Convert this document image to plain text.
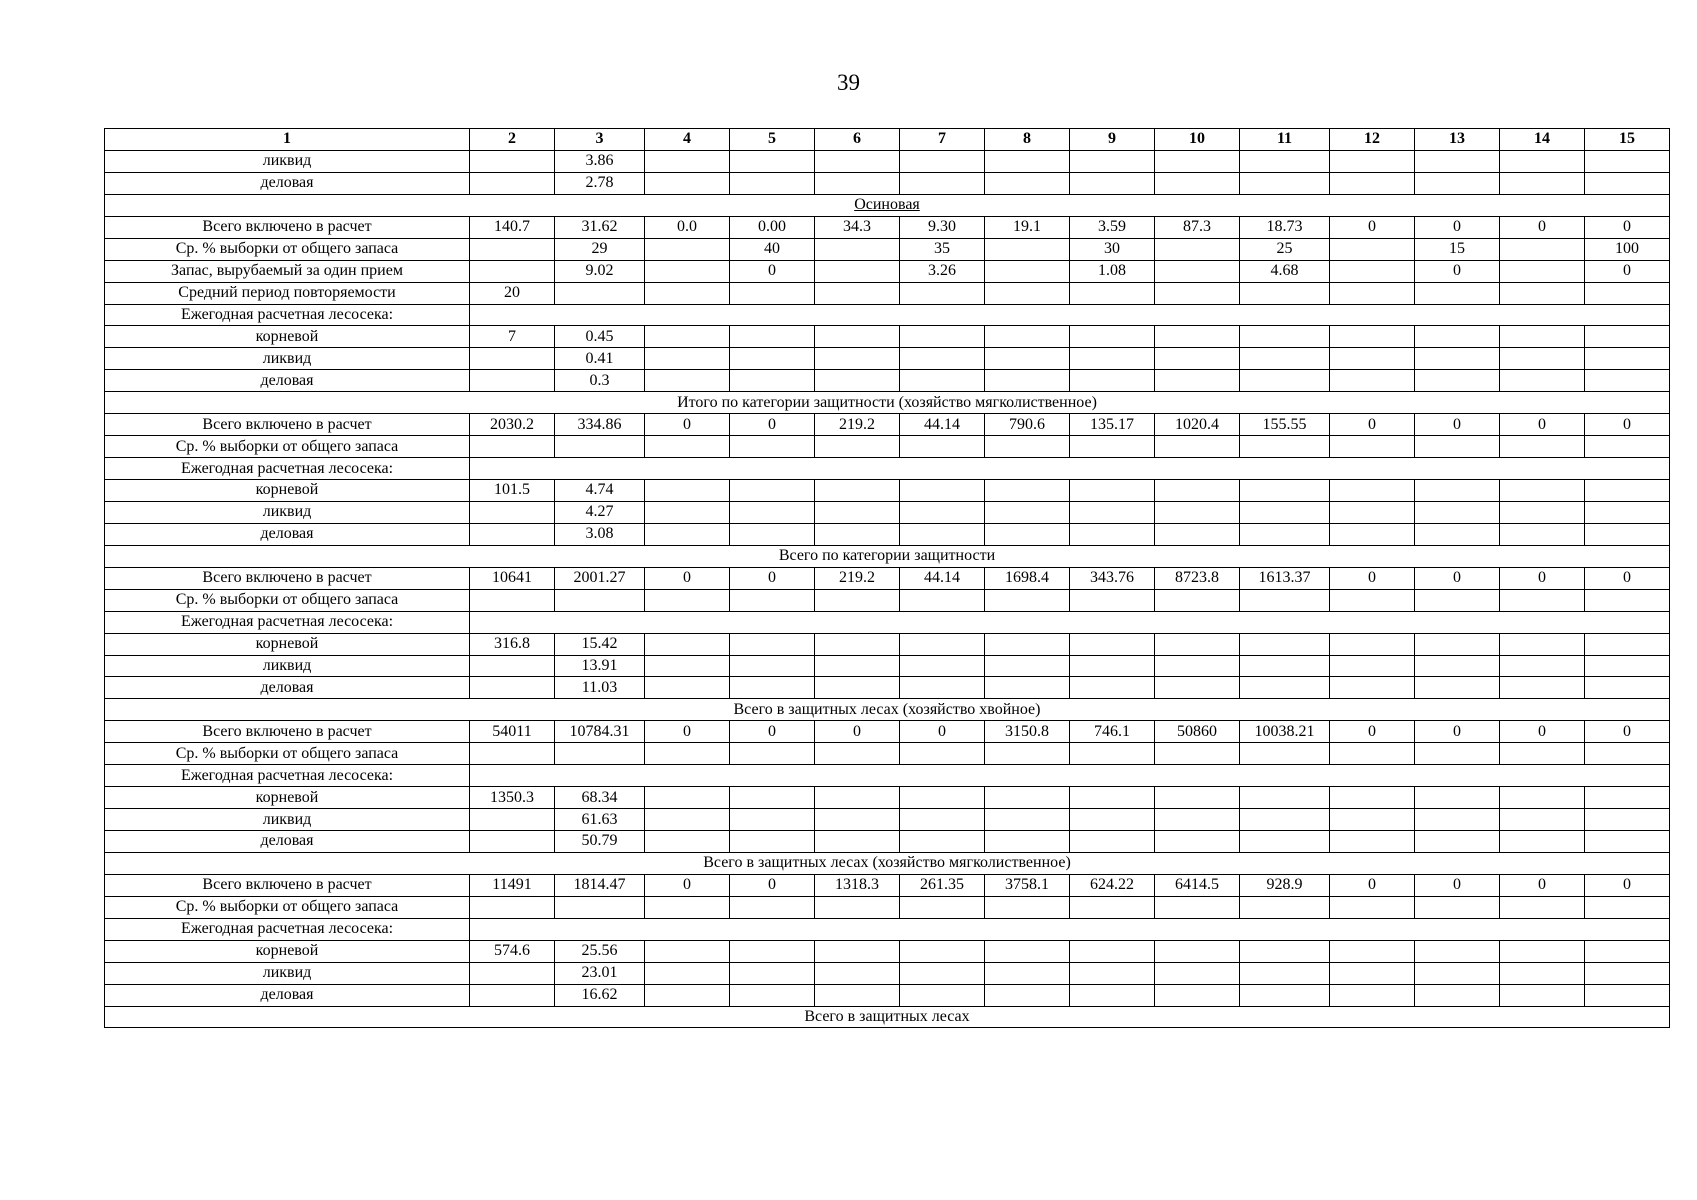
39
1	2	3	4	5	6	7	8	9	10	11	12	13	14	15
ликвид		3.86												
деловая		2.78												
Осиновая														
Всего включено в расчет	140.7	31.62	0.0	0.00	34.3	9.30	19.1	3.59	87.3	18.73	0	0	0	0
Ср. % выборки от общего запаса		29		40		35		30		25		15		100
Запас, вырубаемый за один прием		9.02		0		3.26		1.08		4.68		0		0
Средний период повторяемости	20													
Ежегодная расчетная лесосека:														
корневой	7	0.45												
ликвид		0.41												
деловая		0.3												
Итого по категории защитности (хозяйство мягколиственное)														
Всего включено в расчет	2030.2	334.86	0	0	219.2	44.14	790.6	135.17	1020.4	155.55	0	0	0	0
Ср. % выборки от общего запаса														
Ежегодная расчетная лесосека:														
корневой	101.5	4.74												
ликвид		4.27												
деловая		3.08												
Всего по категории защитности														
Всего включено в расчет	10641	2001.27	0	0	219.2	44.14	1698.4	343.76	8723.8	1613.37	0	0	0	0
Ср. % выборки от общего запаса														
Ежегодная расчетная лесосека:														
корневой	316.8	15.42												
ликвид		13.91												
деловая		11.03												
Всего в защитных лесах (хозяйство хвойное)														
Всего включено в расчет	54011	10784.31	0	0	0	0	3150.8	746.1	50860	10038.21	0	0	0	0
Ср. % выборки от общего запаса														
Ежегодная расчетная лесосека:														
корневой	1350.3	68.34												
ликвид		61.63												
деловая		50.79												
Всего в защитных лесах (хозяйство мягколиственное)														
Всего включено в расчет	11491	1814.47	0	0	1318.3	261.35	3758.1	624.22	6414.5	928.9	0	0	0	0
Ср. % выборки от общего запаса														
Ежегодная расчетная лесосека:														
корневой	574.6	25.56												
ликвид		23.01												
деловая		16.62												
Всего в защитных лесах														
